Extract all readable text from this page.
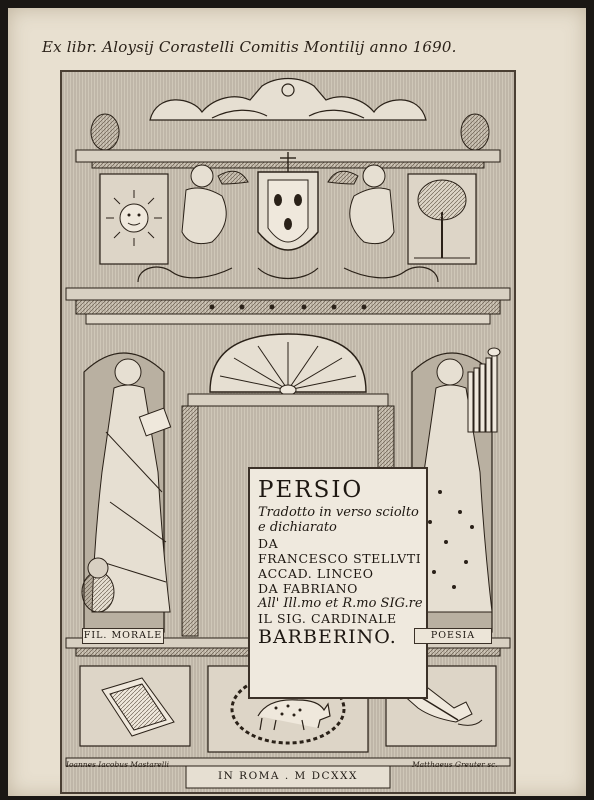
Ex libr. Aloysij Corastelli Comitis Montilij anno 1690.
PERSIO
Tradotto in verso sciolto
e dichiarato
DA
FRANCESCO STELLVTI
ACCAD. LINCEO
DA FABRIANO
All' Ill.mo et R.mo SIG.re
IL SIG. CARDINALE
BARBERINO.
FIL. MORALE	POESIA
IN ROMA . M DCXXX
Ioannes Iacobus Mastarelli	Matthaeus Greuter sc.
